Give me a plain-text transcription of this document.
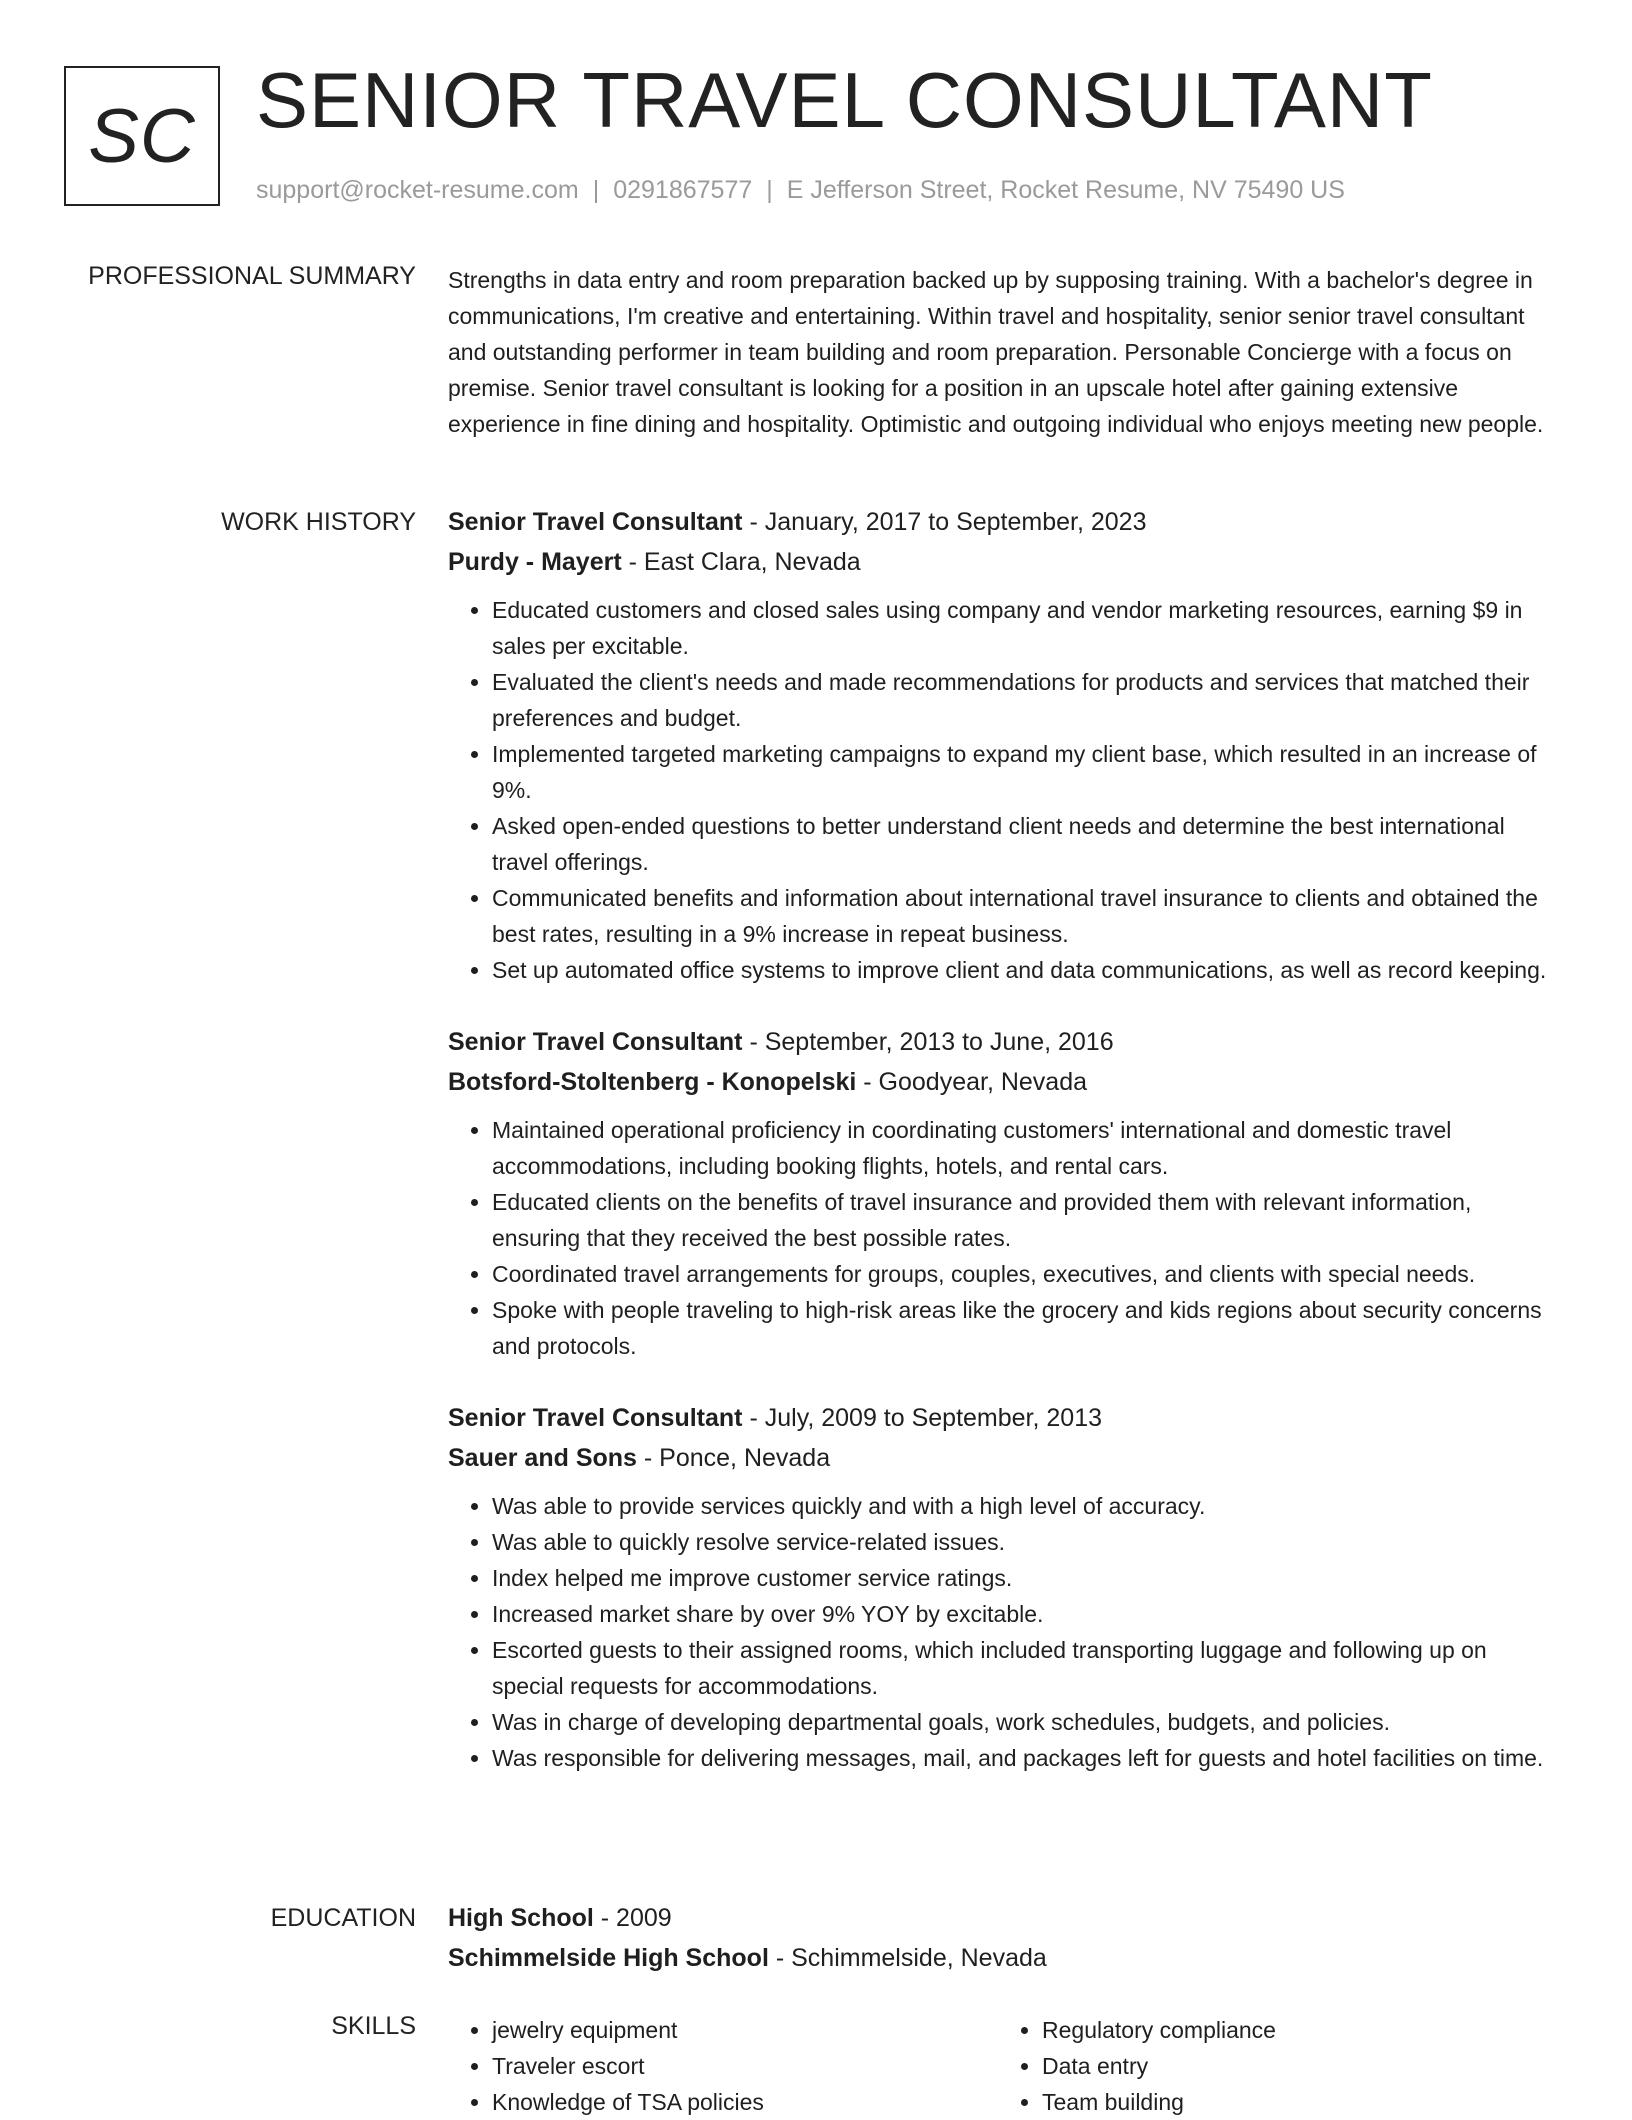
SC SENIOR TRAVEL CONSULTANT
support@rocket-resume.com | 0291867577 | E Jefferson Street, Rocket Resume, NV 75490 US
PROFESSIONAL SUMMARY Strengths in data entry and room preparation backed up by supposing training. With a bachelor's degree in communications, I'm creative and entertaining. Within travel and hospitality, senior senior travel consultant and outstanding performer in team building and room preparation. Personable Concierge with a focus on premise. Senior travel consultant is looking for a position in an upscale hotel after gaining extensive experience in fine dining and hospitality. Optimistic and outgoing individual who enjoys meeting new people.

WORK HISTORY Senior Travel Consultant - January, 2017 to September, 2023
Purdy - Mayert - East Clara, Nevada
• Educated customers and closed sales using company and vendor marketing resources, earning $9 in sales per excitable.
• Evaluated the client's needs and made recommendations for products and services that matched their preferences and budget.
• Implemented targeted marketing campaigns to expand my client base, which resulted in an increase of 9%.
• Asked open-ended questions to better understand client needs and determine the best international travel offerings.
• Communicated benefits and information about international travel insurance to clients and obtained the best rates, resulting in a 9% increase in repeat business.
• Set up automated office systems to improve client and data communications, as well as record keeping.
Senior Travel Consultant - September, 2013 to June, 2016
Botsford-Stoltenberg - Konopelski - Goodyear, Nevada
• Maintained operational proficiency in coordinating customers' international and domestic travel accommodations, including booking flights, hotels, and rental cars.
• Educated clients on the benefits of travel insurance and provided them with relevant information, ensuring that they received the best possible rates.
• Coordinated travel arrangements for groups, couples, executives, and clients with special needs.
• Spoke with people traveling to high-risk areas like the grocery and kids regions about security concerns and protocols.
Senior Travel Consultant - July, 2009 to September, 2013
Sauer and Sons - Ponce, Nevada
• Was able to provide services quickly and with a high level of accuracy.
• Was able to quickly resolve service-related issues.
• Index helped me improve customer service ratings.
• Increased market share by over 9% YOY by excitable.
• Escorted guests to their assigned rooms, which included transporting luggage and following up on special requests for accommodations.
• Was in charge of developing departmental goals, work schedules, budgets, and policies.
• Was responsible for delivering messages, mail, and packages left for guests and hotel facilities on time.
EDUCATION High School - 2009
Schimmelside High School - Schimmelside, Nevada
SKILLS
•	jewelry equipment
• Traveler escort
• Knowledge of TSA policies
• Regulatory compliance
• Data entry
• Team building
